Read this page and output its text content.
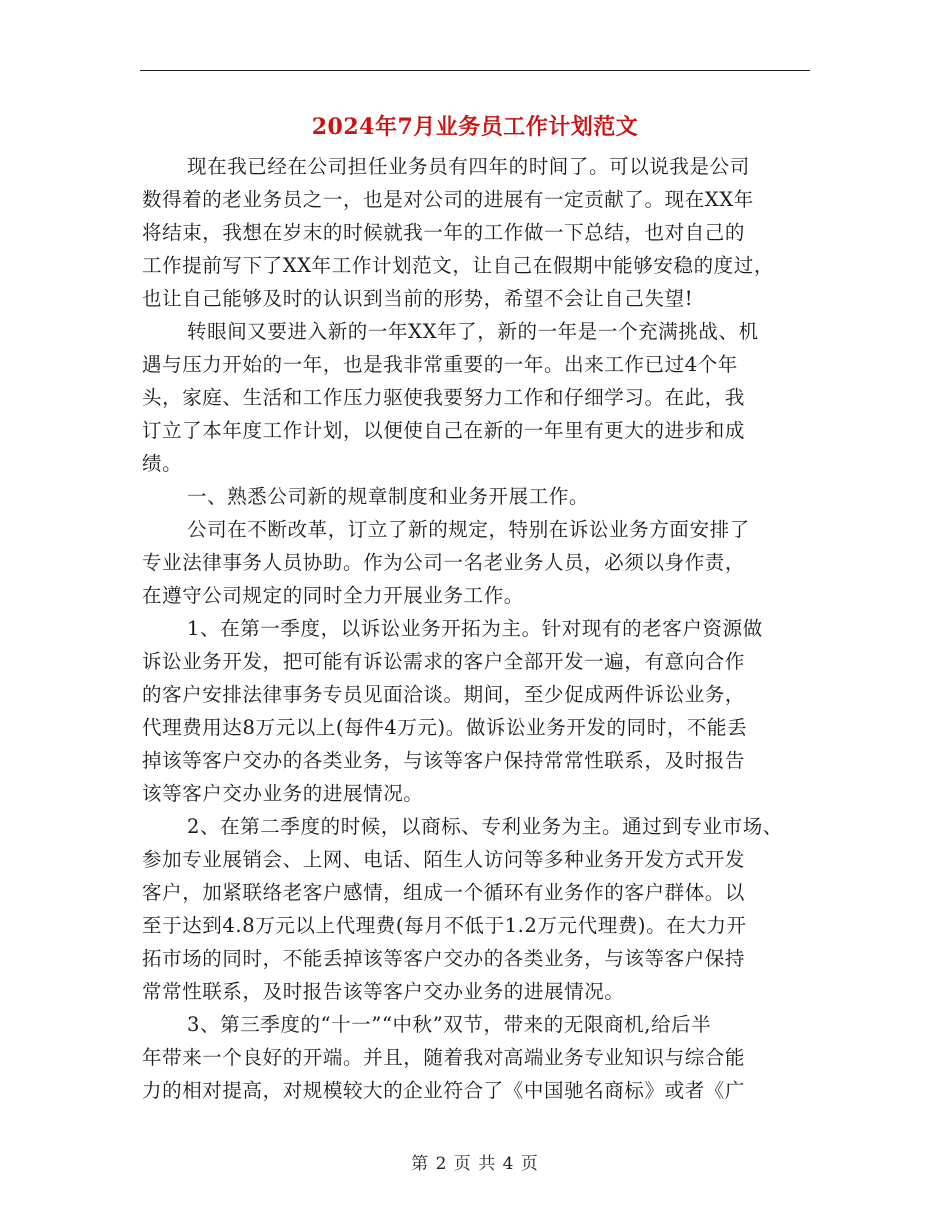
2024年7月业务员工作计划范文
现在我已经在公司担任业务员有四年的时间了。可以说我是公司
数得着的老业务员之一，也是对公司的进展有一定贡献了。现在XX年
将结束，我想在岁末的时候就我一年的工作做一下总结，也对自己的
工作提前写下了XX年工作计划范文，让自己在假期中能够安稳的度过，
也让自己能够及时的认识到当前的形势，希望不会让自己失望!
转眼间又要进入新的一年XX年了，新的一年是一个充满挑战、机
遇与压力开始的一年，也是我非常重要的一年。出来工作已过4个年
头，家庭、生活和工作压力驱使我要努力工作和仔细学习。在此，我
订立了本年度工作计划，以便使自己在新的一年里有更大的进步和成
绩。
一、熟悉公司新的规章制度和业务开展工作。
公司在不断改革，订立了新的规定，特别在诉讼业务方面安排了
专业法律事务人员协助。作为公司一名老业务人员，必须以身作责，
在遵守公司规定的同时全力开展业务工作。
1、在第一季度，以诉讼业务开拓为主。针对现有的老客户资源做
诉讼业务开发，把可能有诉讼需求的客户全部开发一遍，有意向合作
的客户安排法律事务专员见面洽谈。期间，至少促成两件诉讼业务，
代理费用达8万元以上(每件4万元)。做诉讼业务开发的同时，不能丢
掉该等客户交办的各类业务，与该等客户保持常常性联系，及时报告
该等客户交办业务的进展情况。
2、在第二季度的时候，以商标、专利业务为主。通过到专业市场、
参加专业展销会、上网、电话、陌生人访问等多种业务开发方式开发
客户，加紧联络老客户感情，组成一个循环有业务作的客户群体。以
至于达到4.8万元以上代理费(每月不低于1.2万元代理费)。在大力开
拓市场的同时，不能丢掉该等客户交办的各类业务，与该等客户保持
常常性联系，及时报告该等客户交办业务的进展情况。
3、第三季度的“十一”“中秋”双节，带来的无限商机,给后半
年带来一个良好的开端。并且，随着我对高端业务专业知识与综合能
力的相对提高，对规模较大的企业符合了《中国驰名商标》或者《广
第 2 页 共 4 页
